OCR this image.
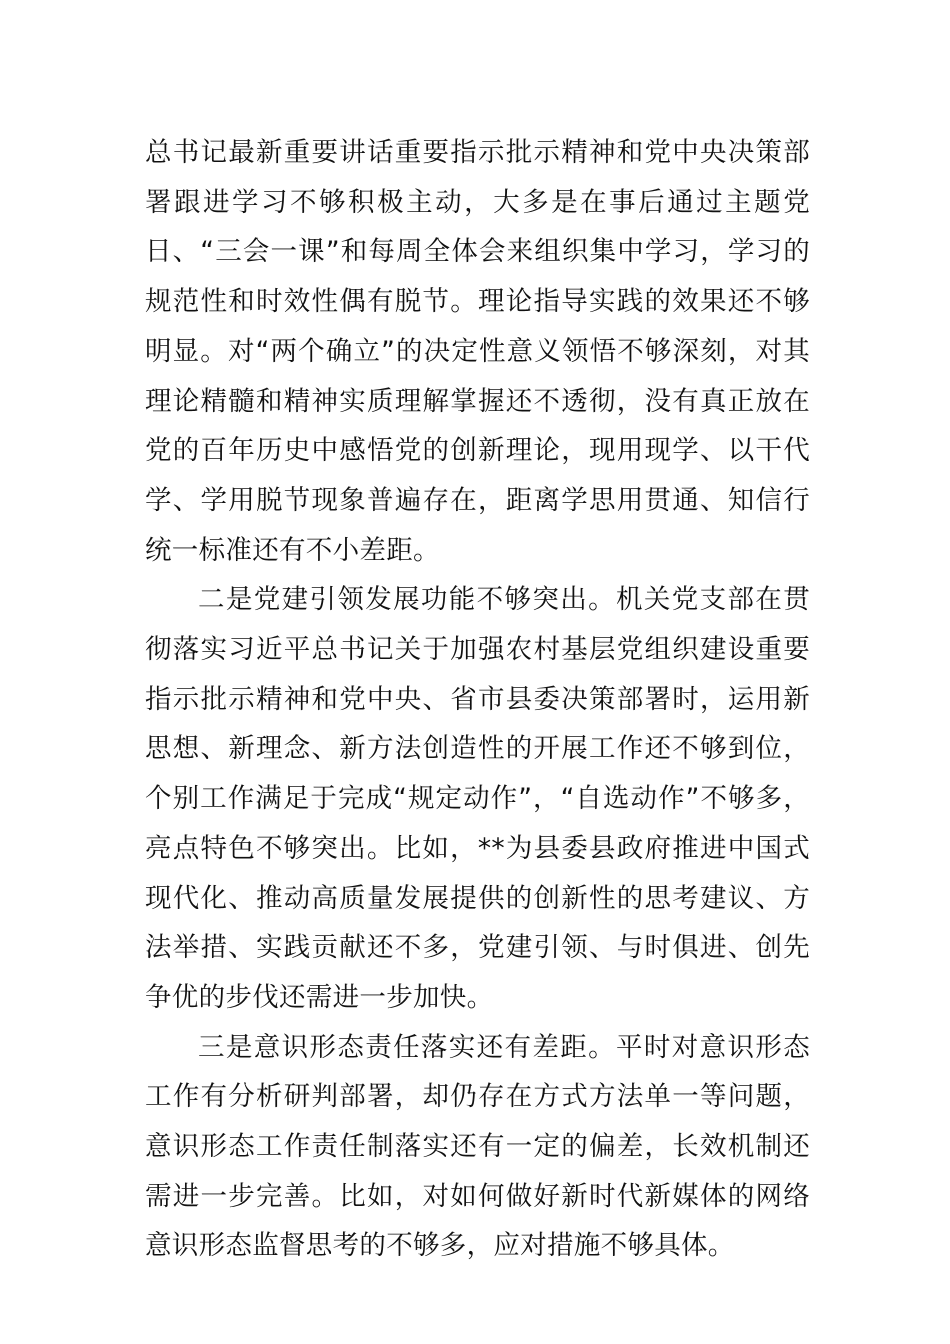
总书记最新重要讲话重要指示批示精神和党中央决策部署跟进学习不够积极主动，大多是在事后通过主题党日、“三会一课”和每周全体会来组织集中学习，学习的规范性和时效性偶有脱节。理论指导实践的效果还不够明显。对“两个确立”的决定性意义领悟不够深刻，对其理论精髓和精神实质理解掌握还不透彻，没有真正放在党的百年历史中感悟党的创新理论，现用现学、以干代学、学用脱节现象普遍存在，距离学思用贯通、知信行统一标准还有不小差距。

二是党建引领发展功能不够突出。机关党支部在贯彻落实习近平总书记关于加强农村基层党组织建设重要指示批示精神和党中央、省市县委决策部署时，运用新思想、新理念、新方法创造性的开展工作还不够到位，个别工作满足于完成“规定动作”，“自选动作”不够多，亮点特色不够突出。比如，**为县委县政府推进中国式现代化、推动高质量发展提供的创新性的思考建议、方法举措、实践贡献还不多，党建引领、与时俱进、创先争优的步伐还需进一步加快。

三是意识形态责任落实还有差距。平时对意识形态工作有分析研判部署，却仍存在方式方法单一等问题，意识形态工作责任制落实还有一定的偏差，长效机制还需进一步完善。比如，对如何做好新时代新媒体的网络意识形态监督思考的不够多，应对措施不够具体。
